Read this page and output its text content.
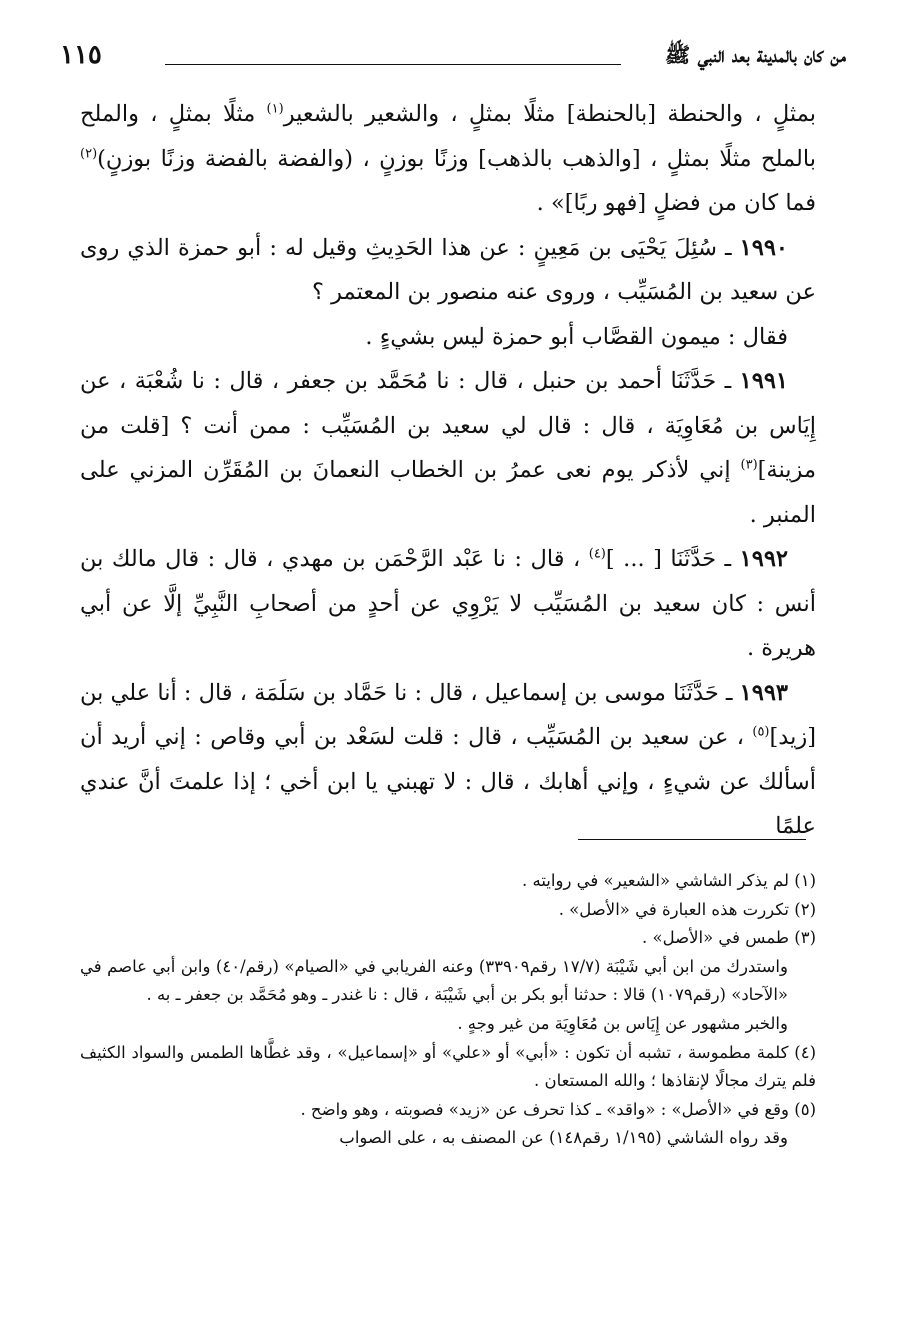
من كان بالمدينة بعد النبي ﷺ
١١٥

بمثلٍ ، والحنطة [بالحنطة] مثلًا بمثلٍ ، والشعير بالشعير$^{(١)}$ مثلًا بمثلٍ ، والملح بالملح مثلًا بمثلٍ ، [والذهب بالذهب] وزنًا بوزنٍ ، (والفضة بالفضة وزنًا بوزنٍ)$^{(٢)}$ فما كان من فضلٍ [فهو ربًا]» .

١٩٩٠ ـ سُئِلَ يَحْيَى بن مَعِينٍ : عن هذا الحَدِيثِ وقيل له : أبو حمزة الذي روى عن سعيد بن المُسَيِّب ، وروى عنه منصور بن المعتمر ؟

فقال : ميمون القصَّاب أبو حمزة ليس بشيءٍ .

١٩٩١ ـ حَدَّثَنَا أحمد بن حنبل ، قال : نا مُحَمَّد بن جعفر ، قال : نا شُعْبَة ، عن إِيَاس بن مُعَاوِيَة ، قال : قال لي سعيد بن المُسَيِّب : ممن أنت ؟ [قلت من مزينة]$^{(٣)}$ إني لأذكر يوم نعى عمرُ بن الخطاب النعمانَ بن المُقَرِّن المزني على المنبر .

١٩٩٢ ـ حَدَّثَنَا [ ... ]$^{(٤)}$ ، قال : نا عَبْد الرَّحْمَن بن مهدي ، قال : قال مالك بن أنس : كان سعيد بن المُسَيِّب لا يَرْوِي عن أحدٍ من أصحابِ النَّبِيِّ إلَّا عن أبي هريرة .

١٩٩٣ ـ حَدَّثَنَا موسى بن إسماعيل ، قال : نا حَمَّاد بن سَلَمَة ، قال : أنا علي بن [زيد]$^{(٥)}$ ، عن سعيد بن المُسَيِّب ، قال : قلت لسَعْد بن أبي وقاص : إني أريد أن أسألك عن شيءٍ ، وإني أهابك ، قال : لا تهبني يا ابن أخي ؛ إذا علمتَ أنَّ عندي علمًا

(١) لم يذكر الشاشي «الشعير» في روايته .

(٢) تكررت هذه العبارة في «الأصل» .

(٣) طمس في «الأصل» .

واستدرك من ابن أبي شَيْبَة (١٧/٧ رقم٣٣٩٠٩) وعنه الفريابي في «الصيام» (رقم/٤٠) وابن أبي عاصم في «الآحاد» (رقم١٠٧٩) قالا : حدثنا أبو بكر بن أبي شَيْبَة ، قال : نا غندر ـ وهو مُحَمَّد بن جعفر ـ به .

والخبر مشهور عن إِيَاس بن مُعَاوِيَة من غير وجهٍ .

(٤) كلمة مطموسة ، تشبه أن تكون : «أبي» أو «علي» أو «إسماعيل» ، وقد غطَّاها الطمس والسواد الكثيف فلم يترك مجالًا لإنقاذها ؛ والله المستعان .

(٥) وقع في «الأصل» : «واقد» ـ كذا تحرف عن «زيد» فصوبته ، وهو واضح .

وقد رواه الشاشي (١/١٩٥ رقم١٤٨) عن المصنف به ، على الصواب
